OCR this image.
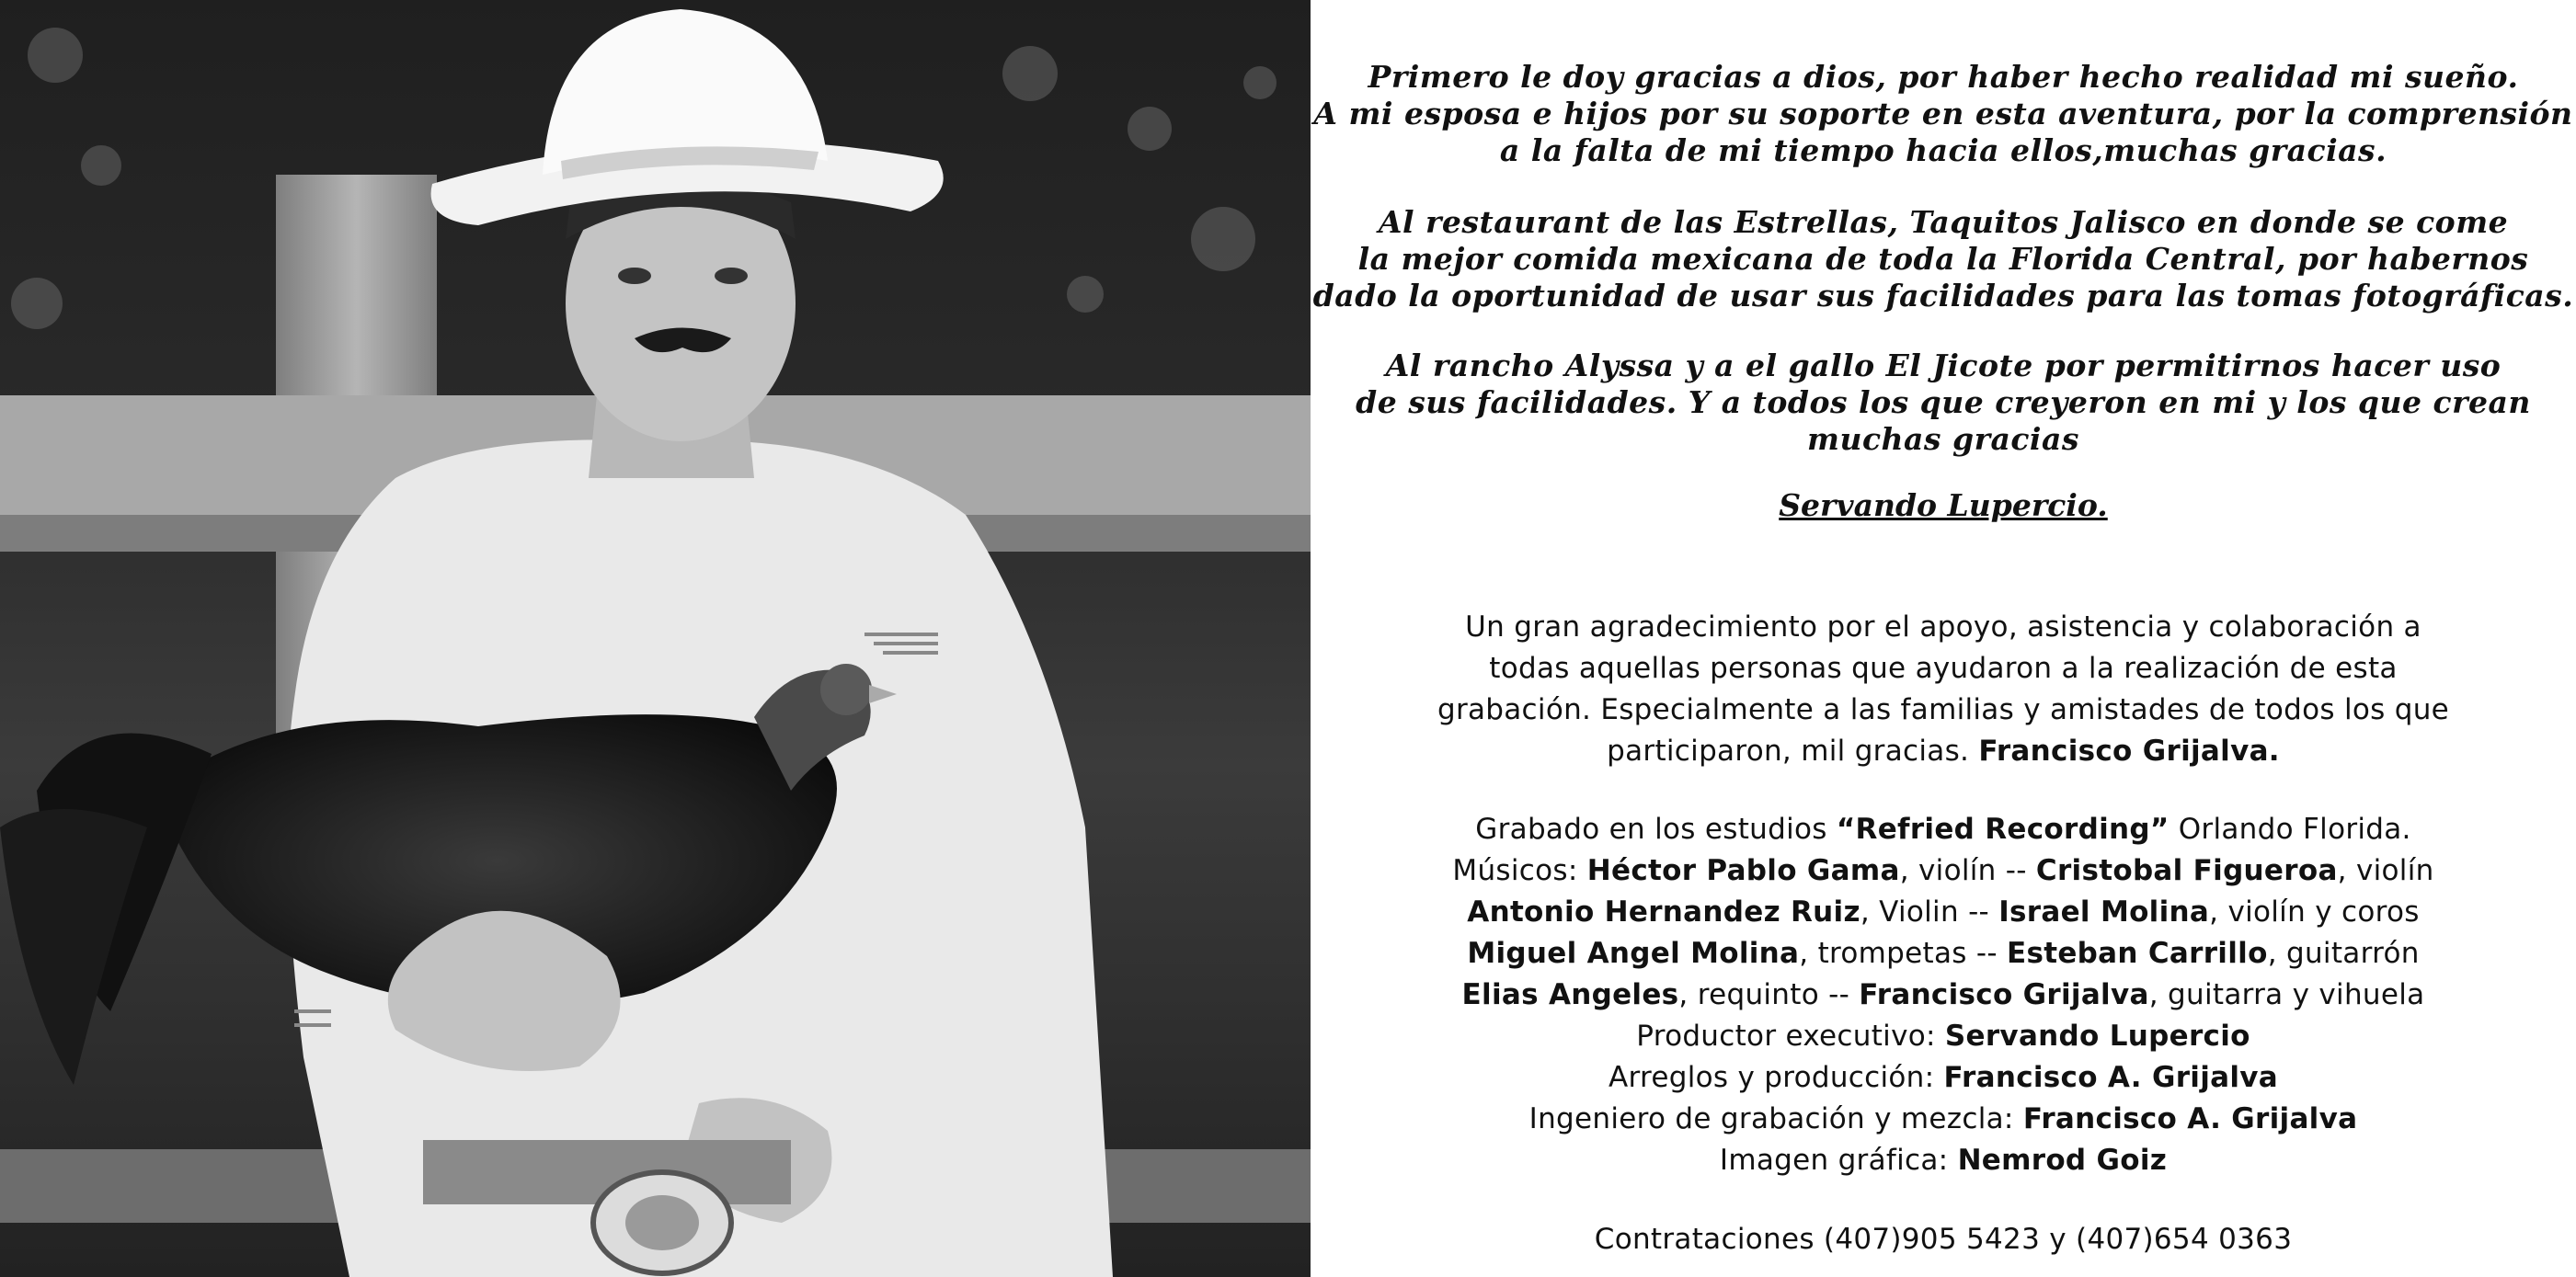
Primero le doy gracias a dios, por haber hecho realidad mi sueño.
A mi esposa e hijos por su soporte en esta aventura, por la comprensión
a la falta de mi tiempo hacia ellos,muchas gracias.

Al restaurant de las Estrellas, Taquitos Jalisco en donde se come
la mejor comida mexicana de toda la Florida Central, por habernos
dado la oportunidad de usar sus facilidades para las tomas fotográficas.

Al rancho Alyssa y a el gallo El Jicote por permitirnos hacer uso
de sus facilidades. Y a todos los que creyeron en mi y los que crean
muchas gracias

Servando Lupercio.

Un gran agradecimiento por el apoyo, asistencia y colaboración a
todas aquellas personas que ayudaron a la realización de esta
grabación. Especialmente a las familias y amistades de todos los que
participaron, mil gracias. Francisco Grijalva.

Grabado en los estudios “Refried Recording” Orlando Florida.
Músicos: Héctor Pablo Gama, violín -- Cristobal Figueroa, violín
Antonio Hernandez Ruiz, Violin -- Israel Molina, violín y coros
Miguel Angel Molina, trompetas -- Esteban Carrillo, guitarrón
Elias Angeles, requinto -- Francisco Grijalva, guitarra y vihuela
Productor executivo: Servando Lupercio
Arreglos y producción: Francisco A. Grijalva
Ingeniero de grabación y mezcla: Francisco A. Grijalva
Imagen gráfica: Nemrod Goiz

Contrataciones (407)905 5423 y (407)654 0363
